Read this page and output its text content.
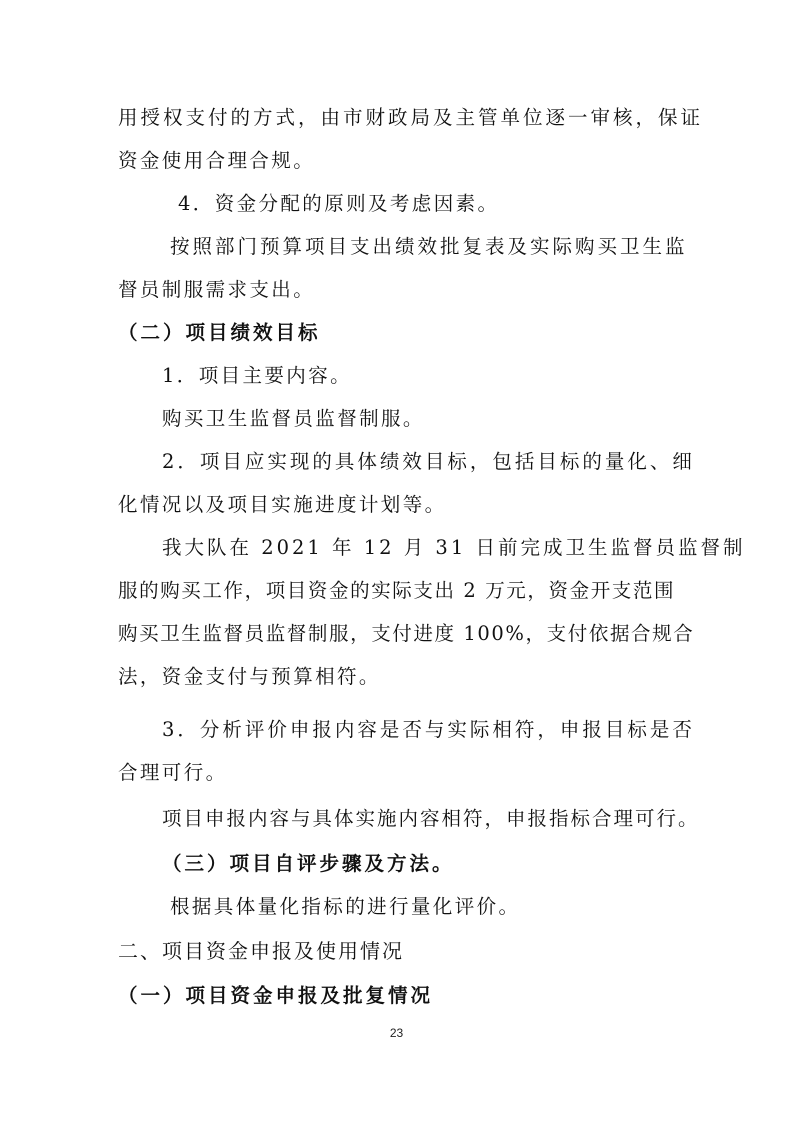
用授权支付的方式，由市财政局及主管单位逐一审核，保证
资金使用合理合规。
4．资金分配的原则及考虑因素。
按照部门预算项目支出绩效批复表及实际购买卫生监
督员制服需求支出。
（二）项目绩效目标
1．项目主要内容。
购买卫生监督员监督制服。
2．项目应实现的具体绩效目标，包括目标的量化、细
化情况以及项目实施进度计划等。
我大队在 2021 年 12 月 31 日前完成卫生监督员监督制
服的购买工作，项目资金的实际支出 2 万元，资金开支范围
购买卫生监督员监督制服，支付进度 100%，支付依据合规合
法，资金支付与预算相符。
3．分析评价申报内容是否与实际相符，申报目标是否
合理可行。
项目申报内容与具体实施内容相符，申报指标合理可行。
（三）项目自评步骤及方法。
根据具体量化指标的进行量化评价。
二、项目资金申报及使用情况
（一）项目资金申报及批复情况
23
